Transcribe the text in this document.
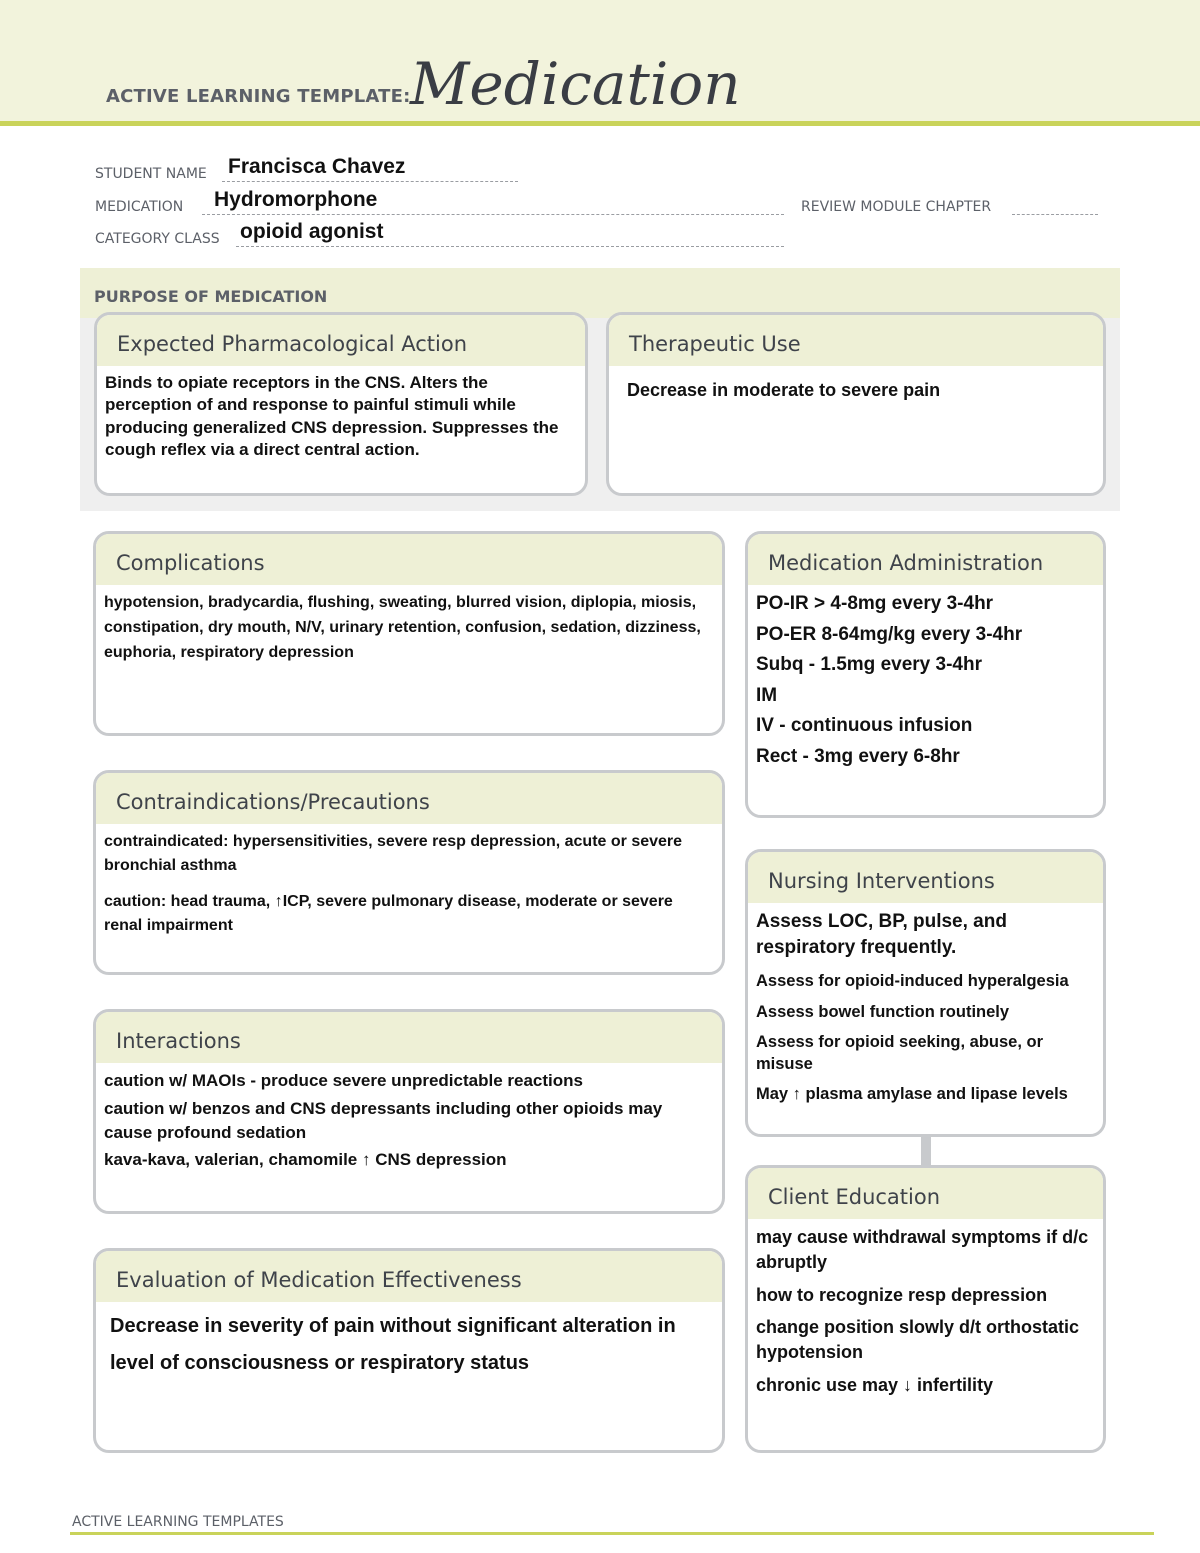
ACTIVE LEARNING TEMPLATE: Medication
STUDENT NAME Francisca Chavez
MEDICATION Hydromorphone	REVIEW MODULE CHAPTER
CATEGORY CLASS opioid agonist
PURPOSE OF MEDICATION
Expected Pharmacological Action
Binds to opiate receptors in the CNS. Alters the perception of and response to painful stimuli while producing generalized CNS depression. Suppresses the cough reflex via a direct central action.
Therapeutic Use
Decrease in moderate to severe pain
Complications
hypotension, bradycardia, flushing, sweating, blurred vision, diplopia, miosis, constipation, dry mouth, N/V, urinary retention, confusion, sedation, dizziness, euphoria, respiratory depression
Medication Administration

PO-IR > 4-8mg every 3-4hr

PO-ER 8-64mg/kg every 3-4hr

Subq - 1.5mg every 3-4hr

IM

IV - continuous infusion

Rect - 3mg every 6-8hr

Contraindications/Precautions

contraindicated: hypersensitivities, severe resp depression, acute or severe bronchial asthma

caution: head trauma, ↑ICP, severe pulmonary disease, moderate or severe renal impairment

Nursing Interventions

Assess LOC, BP, pulse, and respiratory frequently.

Assess for opioid-induced hyperalgesia

Assess bowel function routinely

Assess for opioid seeking, abuse, or misuse

May ↑ plasma amylase and lipase levels

Interactions

caution w/ MAOIs - produce severe unpredictable reactions

caution w/ benzos and CNS depressants including other opioids may cause profound sedation

kava-kava, valerian, chamomile ↑ CNS depression

Client Education

may cause withdrawal symptoms if d/c abruptly

how to recognize resp depression

change position slowly d/t orthostatic hypotension

chronic use may ↓ infertility

Evaluation of Medication Effectiveness
Decrease in severity of pain without significant alteration in level of consciousness or respiratory status
ACTIVE LEARNING TEMPLATES
